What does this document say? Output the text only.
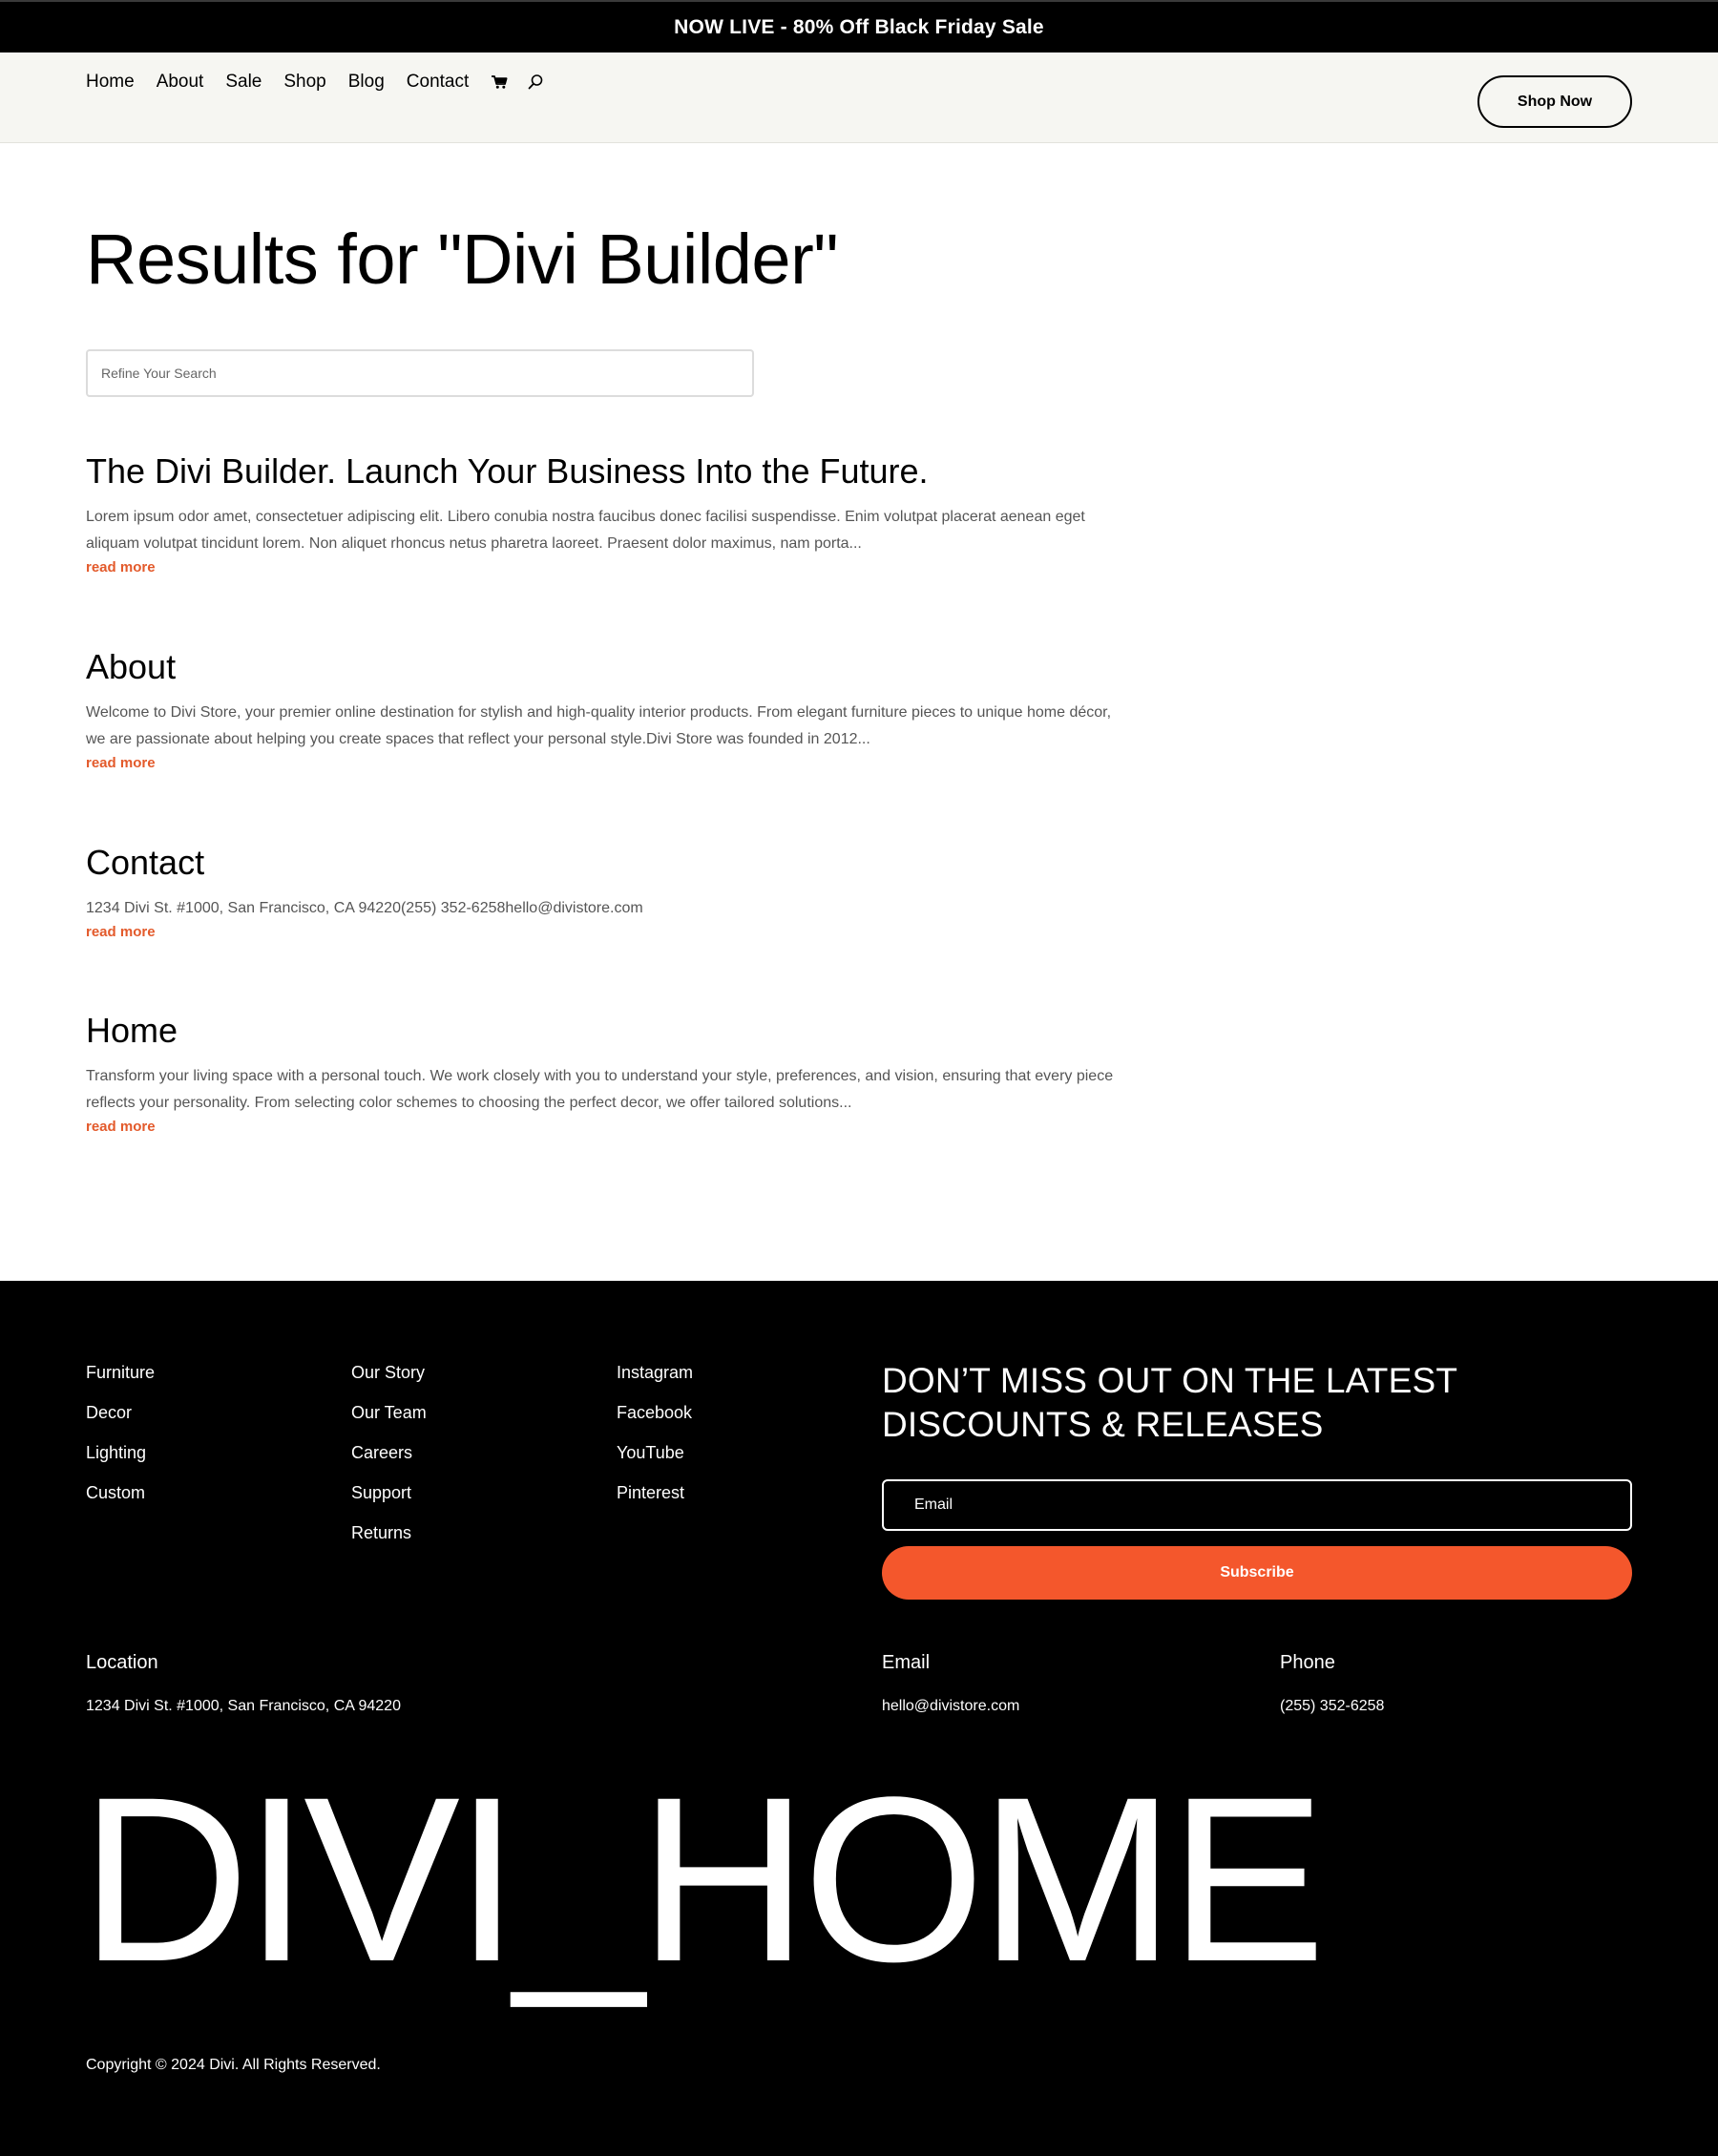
NOW LIVE - 80% Off Black Friday Sale
Home About Sale Shop Blog Contact
Shop Now
Results for "Divi Builder"
Refine Your Search
The Divi Builder. Launch Your Business Into the Future.

Lorem ipsum odor amet, consectetuer adipiscing elit. Libero conubia nostra faucibus donec facilisi suspendisse. Enim volutpat placerat aenean eget aliquam volutpat tincidunt lorem. Non aliquet rhoncus netus pharetra laoreet. Praesent dolor maximus, nam porta...

read more
About

Welcome to Divi Store, your premier online destination for stylish and high-quality interior products. From elegant furniture pieces to unique home décor, we are passionate about helping you create spaces that reflect your personal style.Divi Store was founded in 2012...

read more
Contact

1234 Divi St. #1000, San Francisco, CA 94220(255) 352-6258hello@divistore.com

read more
Home

Transform your living space with a personal touch. We work closely with you to understand your style, preferences, and vision, ensuring that every piece reflects your personality. From selecting color schemes to choosing the perfect decor, we offer tailored solutions...

read more
Furniture
Decor
Lighting
Custom
Our Story
Our Team
Careers
Support
Returns
Instagram
Facebook
YouTube
Pinterest
DON’T MISS OUT ON THE LATEST DISCOUNTS & RELEASES
Email
Subscribe
Location
1234 Divi St. #1000, San Francisco, CA 94220
Email
hello@divistore.com
Phone
(255) 352-6258
DIVI_HOME
Copyright © 2024 Divi. All Rights Reserved.
